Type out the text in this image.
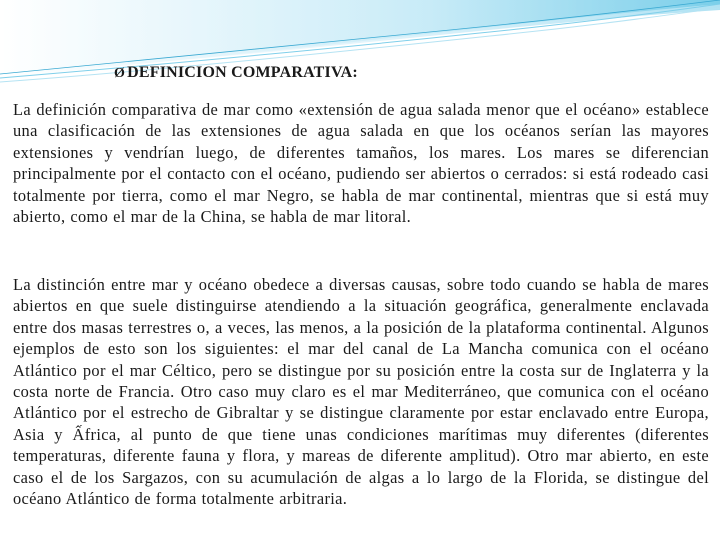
Ø DEFINICION COMPARATIVA:

La definición comparativa de mar como «extensión de agua salada menor que el océano» establece una clasificación de las extensiones de agua salada en que los océanos serían las mayores extensiones y vendrían luego, de diferentes tamaños, los mares. Los mares se diferencian principalmente por el contacto con el océano, pudiendo ser abiertos o cerrados: si está rodeado casi totalmente por tierra, como el mar Negro, se habla de mar continental, mientras que si está muy abierto, como el mar de la China, se habla de mar litoral.

La distinción entre mar y océano obedece a diversas causas, sobre todo cuando se habla de mares abiertos en que suele distinguirse atendiendo a la situación geográfica, generalmente enclavada entre dos masas terrestres o, a veces, las menos, a la posición de la plataforma continental. Algunos ejemplos de esto son los siguientes: el mar del canal de La Mancha comunica con el océano Atlántico por el mar Céltico, pero se distingue por su posición entre la costa sur de Inglaterra y la costa norte de Francia. Otro caso muy claro es el mar Mediterráneo, que comunica con el océano Atlántico por el estrecho de Gibraltar y se distingue claramente por estar enclavado entre Europa, Asia y Ấfrica, al punto de que tiene unas condiciones marítimas muy diferentes (diferentes temperaturas, diferente fauna y flora, y mareas de diferente amplitud). Otro mar abierto, en este caso el de los Sargazos, con su acumulación de algas a lo largo de la Florida, se distingue del océano Atlántico de forma totalmente arbitraria.
